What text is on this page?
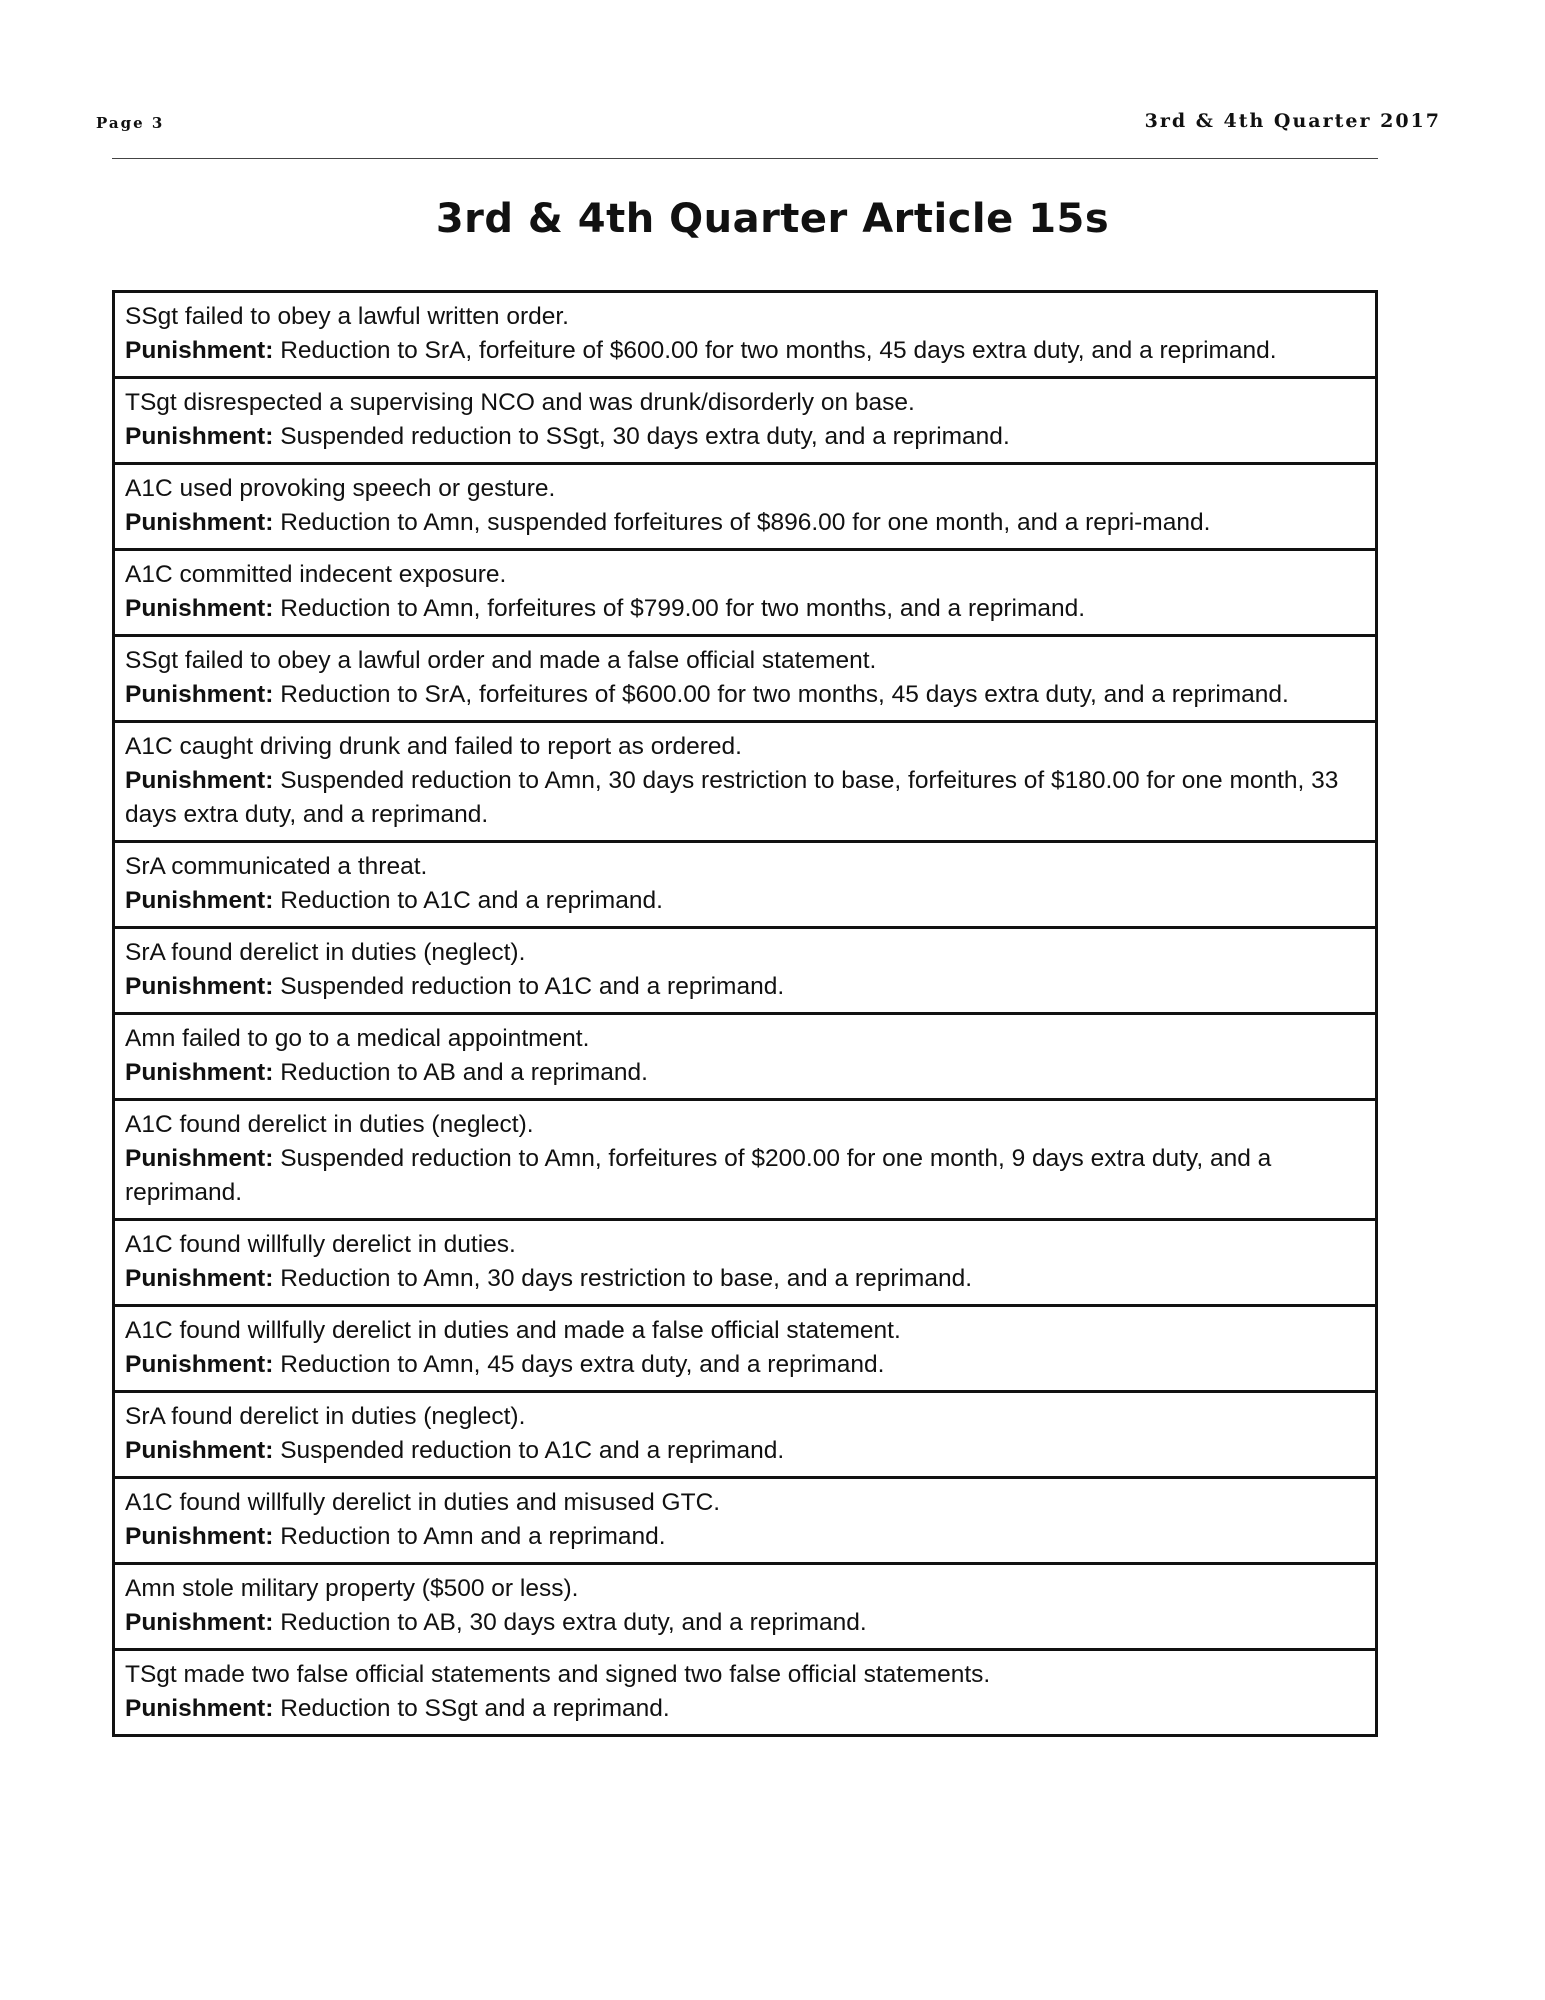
Page 3	3rd & 4th Quarter 2017
3rd & 4th Quarter Article 15s
SSgt failed to obey a lawful written order.
Punishment: Reduction to SrA, forfeiture of $600.00 for two months, 45 days extra duty, and a reprimand.
TSgt disrespected a supervising NCO and was drunk/disorderly on base.
Punishment: Suspended reduction to SSgt, 30 days extra duty, and a reprimand.
A1C used provoking speech or gesture.
Punishment: Reduction to Amn, suspended forfeitures of $896.00 for one month, and a repri-mand.
A1C committed indecent exposure.
Punishment: Reduction to Amn, forfeitures of $799.00 for two months, and a reprimand.
SSgt failed to obey a lawful order and made a false official statement.
Punishment: Reduction to SrA, forfeitures of $600.00 for two months, 45 days extra duty, and a reprimand.
A1C caught driving drunk and failed to report as ordered.
Punishment: Suspended reduction to Amn, 30 days restriction to base, forfeitures of $180.00 for one month, 33 days extra duty, and a reprimand.
SrA communicated a threat.
Punishment: Reduction to A1C and a reprimand.
SrA found derelict in duties (neglect).
Punishment: Suspended reduction to A1C and a reprimand.
Amn failed to go to a medical appointment.
Punishment: Reduction to AB and a reprimand.
A1C found derelict in duties (neglect).
Punishment: Suspended reduction to Amn, forfeitures of $200.00 for one month, 9 days extra duty, and a reprimand.
A1C found willfully derelict in duties.
Punishment: Reduction to Amn, 30 days restriction to base, and a reprimand.
A1C found willfully derelict in duties and made a false official statement.
Punishment: Reduction to Amn, 45 days extra duty, and a reprimand.
SrA found derelict in duties (neglect).
Punishment: Suspended reduction to A1C and a reprimand.
A1C found willfully derelict in duties and misused GTC.
Punishment: Reduction to Amn and a reprimand.
Amn stole military property ($500 or less).
Punishment: Reduction to AB, 30 days extra duty, and a reprimand.
TSgt made two false official statements and signed two false official statements.
Punishment: Reduction to SSgt and a reprimand.
